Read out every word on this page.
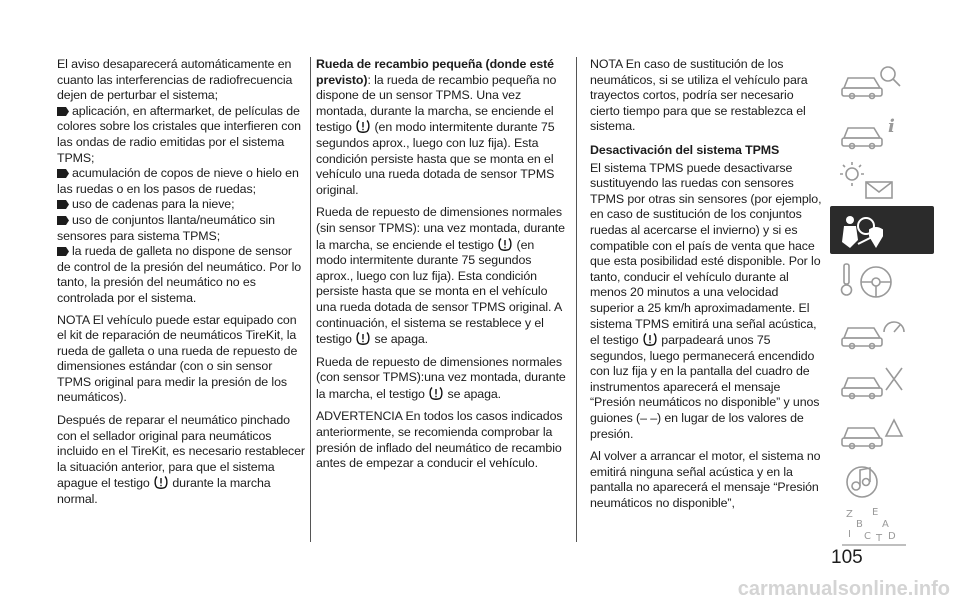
El aviso desaparecerá automáticamente en cuanto las interferencias de radiofrecuencia dejen de perturbar el sistema;

aplicación, en aftermarket, de películas de colores sobre los cristales que interfieren con las ondas de radio emitidas por el sistema TPMS;

acumulación de copos de nieve o hielo en las ruedas o en los pasos de ruedas;

uso de cadenas para la nieve;

uso de conjuntos llanta/neumático sin sensores para sistema TPMS;

la rueda de galleta no dispone de sensor de control de la presión del neumático. Por lo tanto, la presión del neumático no es controlada por el sistema.

NOTA El vehículo puede estar equipado con el kit de reparación de neumáticos TireKit, la rueda de galleta o una rueda de repuesto de dimensiones estándar (con o sin sensor TPMS original para medir la presión de los neumáticos).

Después de reparar el neumático pinchado con el sellador original para neumáticos incluido en el TireKit, es necesario restablecer la situación anterior, para que el sistema apague el testigo durante la marcha normal.

Rueda de recambio pequeña (donde esté previsto): la rueda de recambio pequeña no dispone de un sensor TPMS. Una vez montada, durante la marcha, se enciende el testigo (en modo intermitente durante 75 segundos aprox., luego con luz fija). Esta condición persiste hasta que se monta en el vehículo una rueda dotada de sensor TPMS original.

Rueda de repuesto de dimensiones normales (sin sensor TPMS): una vez montada, durante la marcha, se enciende el testigo (en modo intermitente durante 75 segundos aprox., luego con luz fija). Esta condición persiste hasta que se monta en el vehículo una rueda dotada de sensor TPMS original. A continuación, el sistema se restablece y el testigo se apaga.

Rueda de repuesto de dimensiones normales (con sensor TPMS):una vez montada, durante la marcha, el testigo se apaga.

ADVERTENCIA En todos los casos indicados anteriormente, se recomienda comprobar la presión de inflado del neumático de recambio antes de empezar a conducir el vehículo.

NOTA En caso de sustitución de los neumáticos, si se utiliza el vehículo para trayectos cortos, podría ser necesario cierto tiempo para que se restablezca el sistema.

Desactivación del sistema TPMS

El sistema TPMS puede desactivarse sustituyendo las ruedas con sensores TPMS por otras sin sensores (por ejemplo, en caso de sustitución de los conjuntos ruedas al acercarse el invierno) y si es compatible con el país de venta que hace que esta posibilidad esté disponible. Por lo tanto, conducir el vehículo durante al menos 20 minutos a una velocidad superior a 25 km/h aproximadamente. El sistema TPMS emitirá una señal acústica, el testigo parpadeará unos 75 segundos, luego permanecerá encendido con luz fija y en la pantalla del cuadro de instrumentos aparecerá el mensaje “Presión neumáticos no disponible” y unos guiones (– –) en lugar de los valores de presión.

Al volver a arrancar el motor, el sistema no emitirá ninguna señal acústica y en la pantalla no aparecerá el mensaje “Presión neumáticos no disponible”,

i
Z E
B A
I C T D
105
carmanualsonline.info
